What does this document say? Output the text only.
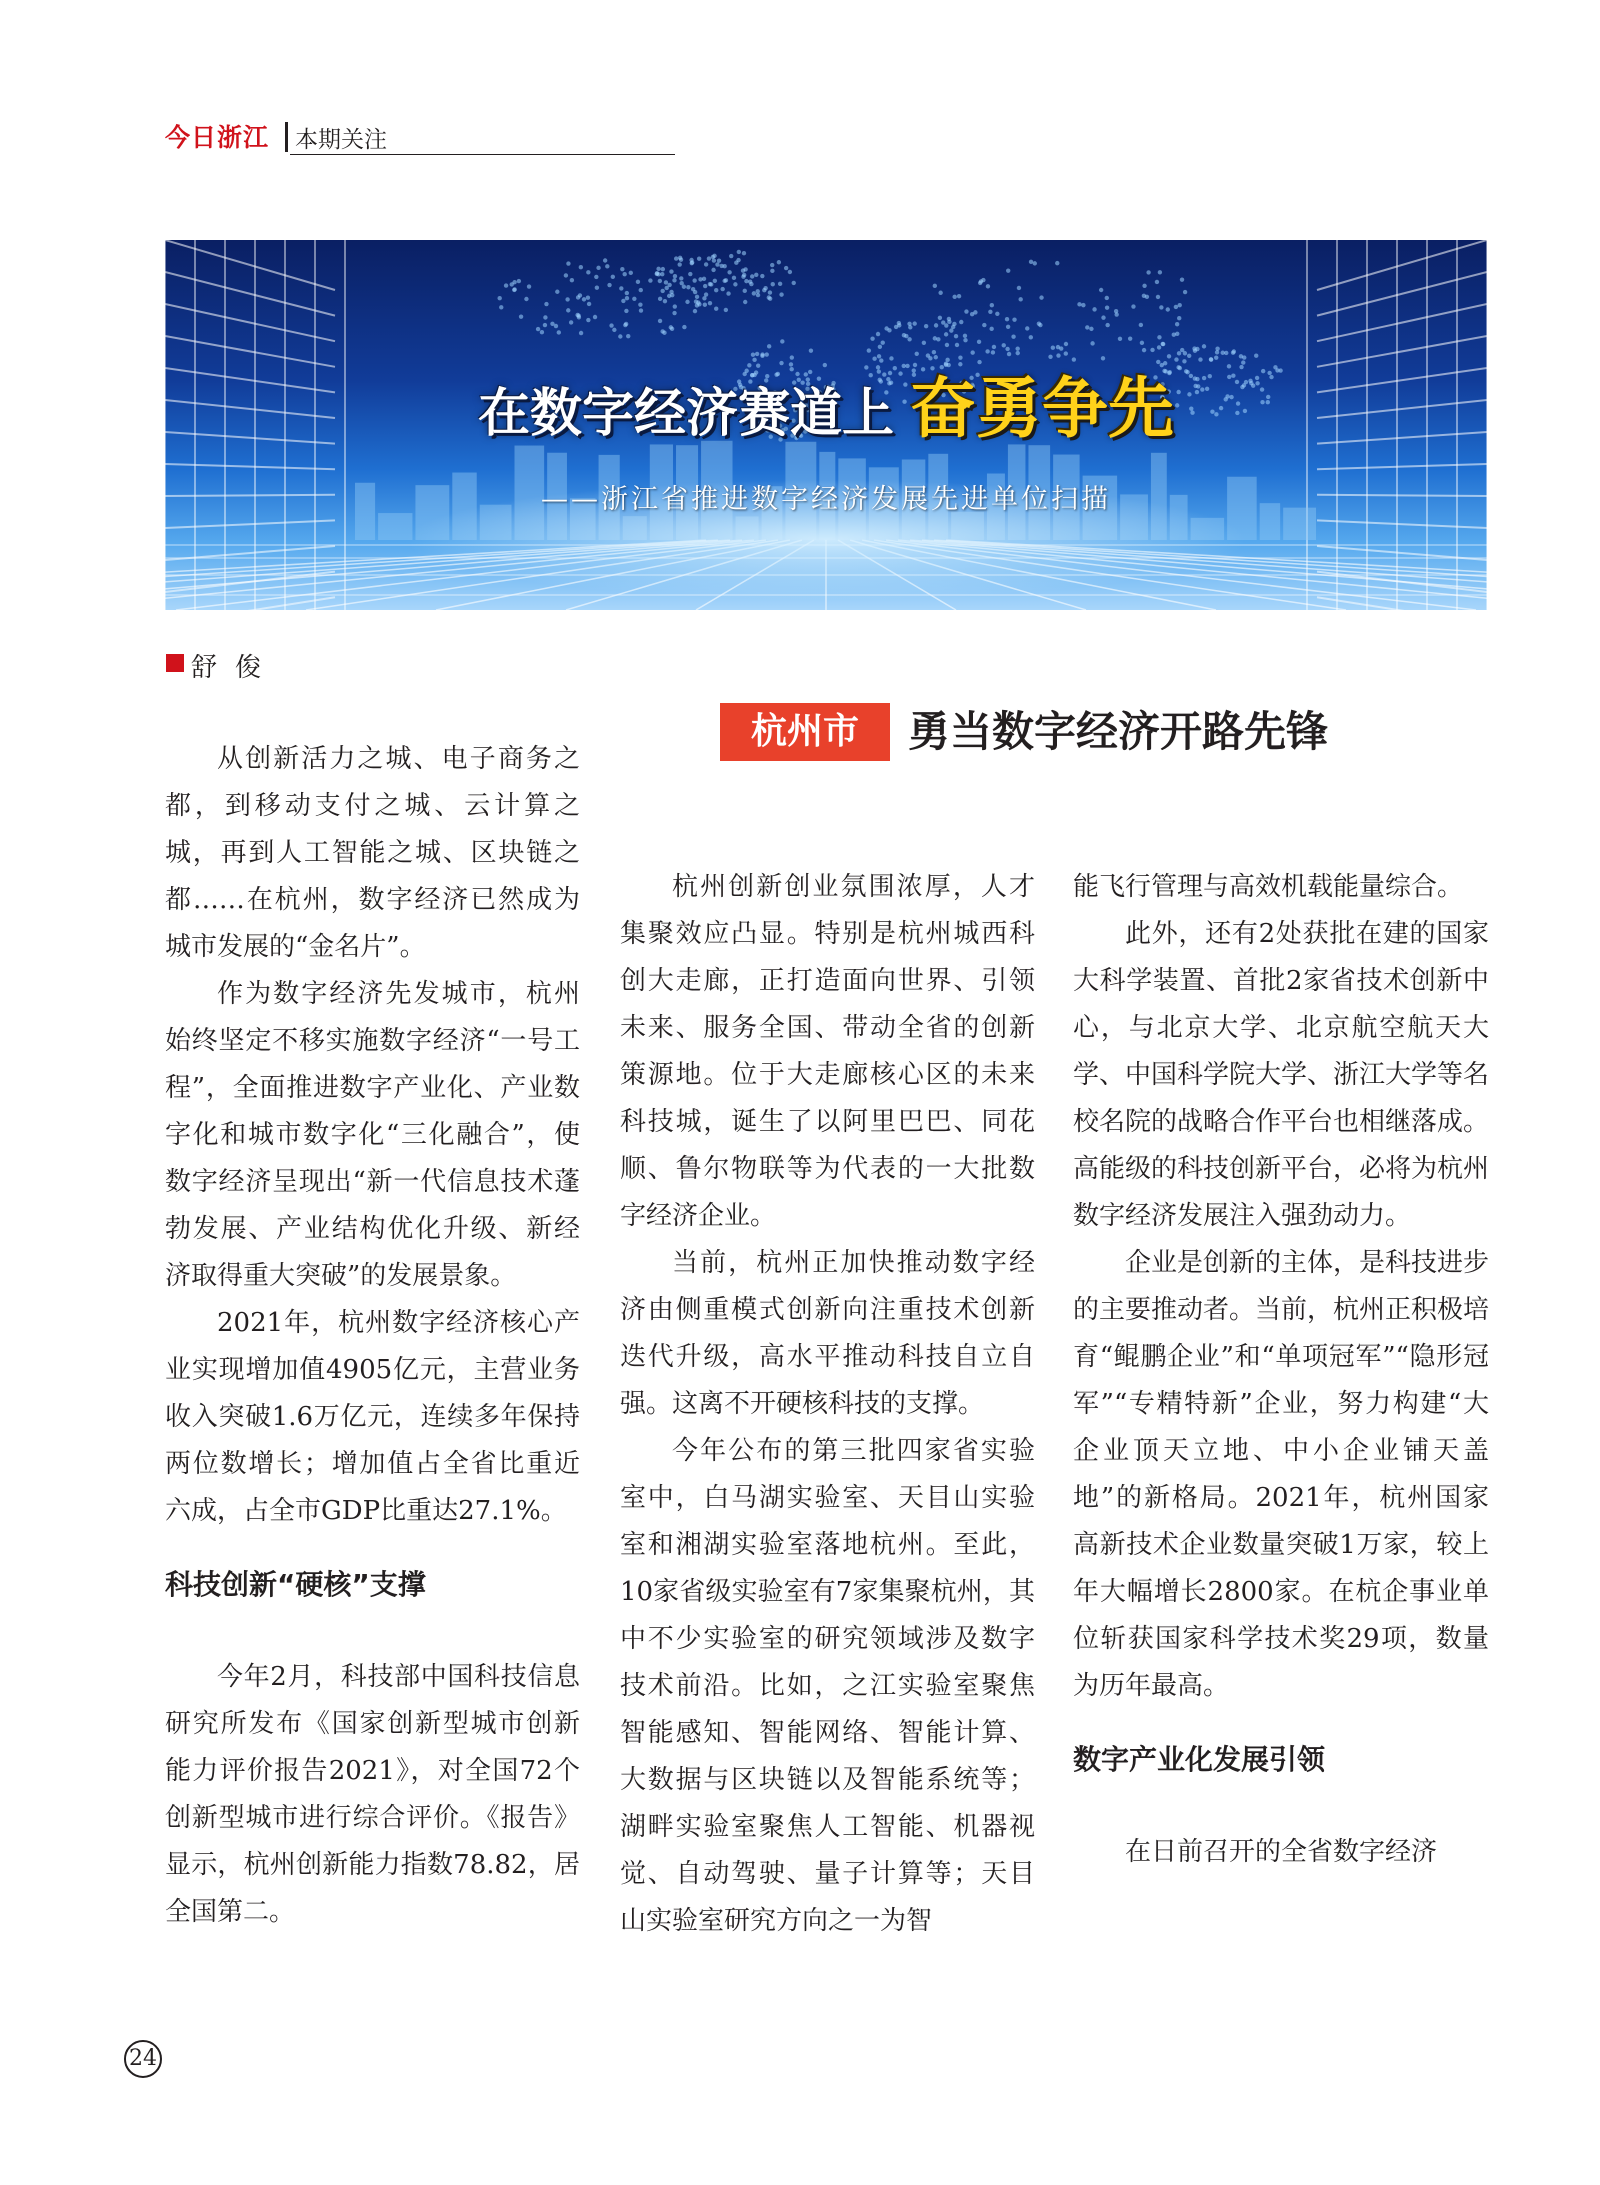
今日浙江 本期关注
在数字经济赛道上 奋勇争先
——浙江省推进数字经济发展先进单位扫描
舒俊
杭州市	勇当数字经济开路先锋

从创新活力之城、电子商务之都，到移动支付之城、云计算之城，再到人工智能之城、区块链之都……在杭州，数字经济已然成为城市发展的“金名片”。

作为数字经济先发城市，杭州始终坚定不移实施数字经济“一号工程”，全面推进数字产业化、产业数字化和城市数字化“三化融合”，使数字经济呈现出“新一代信息技术蓬勃发展、产业结构优化升级、新经济取得重大突破”的发展景象。

2021年，杭州数字经济核心产业实现增加值4905亿元，主营业务收入突破1.6万亿元，连续多年保持两位数增长；增加值占全省比重近六成，占全市GDP比重达27.1%。

科技创新“硬核”支撑

今年2月，科技部中国科技信息研究所发布《国家创新型城市创新能力评价报告2021》，对全国72个创新型城市进行综合评价。《报告》显示，杭州创新能力指数78.82，居全国第二。

杭州创新创业氛围浓厚，人才集聚效应凸显。特别是杭州城西科创大走廊，正打造面向世界、引领未来、服务全国、带动全省的创新策源地。位于大走廊核心区的未来科技城，诞生了以阿里巴巴、同花顺、鲁尔物联等为代表的一大批数字经济企业。

当前，杭州正加快推动数字经济由侧重模式创新向注重技术创新迭代升级，高水平推动科技自立自强。这离不开硬核科技的支撑。

今年公布的第三批四家省实验室中，白马湖实验室、天目山实验室和湘湖实验室落地杭州。至此，10家省级实验室有7家集聚杭州，其中不少实验室的研究领域涉及数字技术前沿。比如，之江实验室聚焦智能感知、智能网络、智能计算、大数据与区块链以及智能系统等；湖畔实验室聚焦人工智能、机器视觉、自动驾驶、量子计算等；天目山实验室研究方向之一为智

能飞行管理与高效机载能量综合。

此外，还有2处获批在建的国家大科学装置、首批2家省技术创新中心，与北京大学、北京航空航天大学、中国科学院大学、浙江大学等名校名院的战略合作平台也相继落成。高能级的科技创新平台，必将为杭州数字经济发展注入强劲动力。

企业是创新的主体，是科技进步的主要推动者。当前，杭州正积极培育“鲲鹏企业”和“单项冠军”“隐形冠军”“专精特新”企业，努力构建“大企业顶天立地、中小企业铺天盖地”的新格局。2021年，杭州国家高新技术企业数量突破1万家，较上年大幅增长2800家。在杭企事业单位斩获国家科学技术奖29项，数量为历年最高。

数字产业化发展引领

在日前召开的全省数字经济

24
